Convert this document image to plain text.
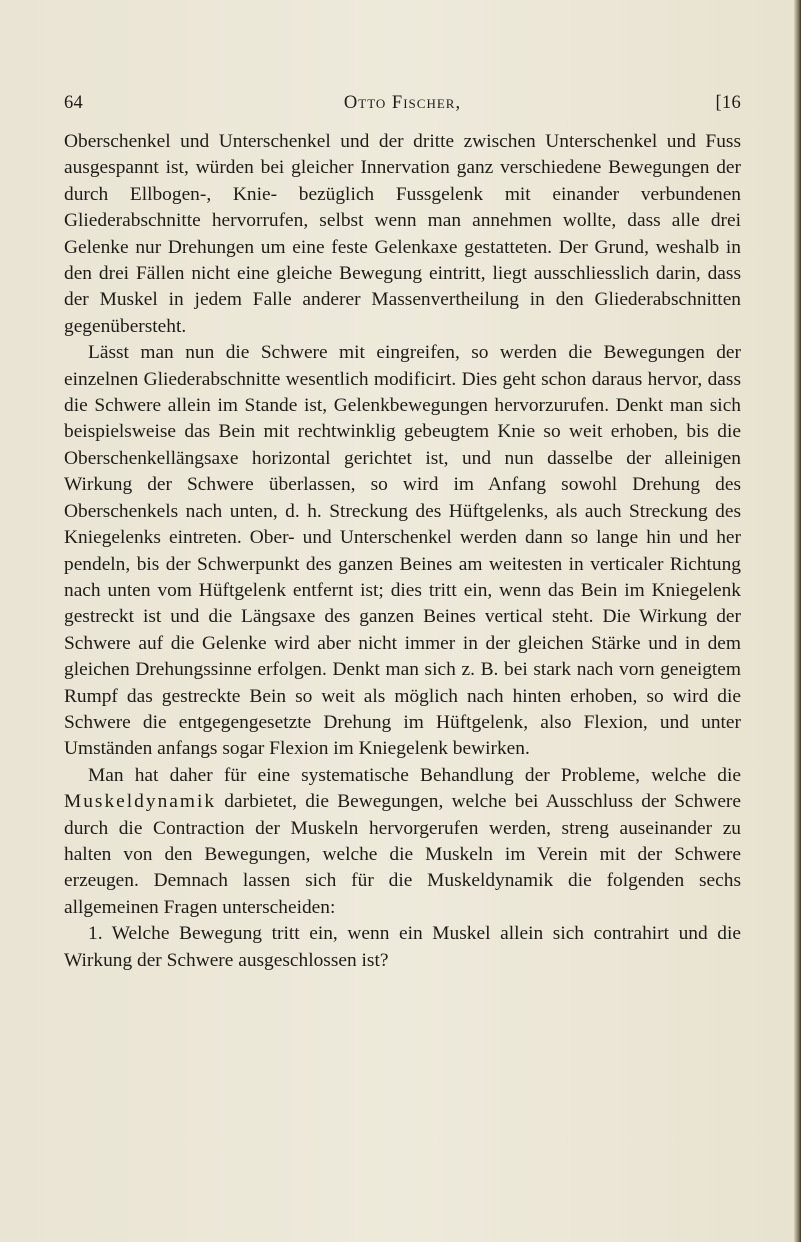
64	Otto Fischer,	[16

Oberschenkel und Unterschenkel und der dritte zwischen Unterschenkel und Fuss ausgespannt ist, würden bei gleicher Innervation ganz verschiedene Bewegungen der durch Ellbogen-, Knie- bezüglich Fussgelenk mit einander verbundenen Gliederabschnitte hervorrufen, selbst wenn man annehmen wollte, dass alle drei Gelenke nur Drehungen um eine feste Gelenkaxe gestatteten. Der Grund, weshalb in den drei Fällen nicht eine gleiche Bewegung eintritt, liegt ausschliesslich darin, dass der Muskel in jedem Falle anderer Massenvertheilung in den Gliederabschnitten gegenübersteht.

Lässt man nun die Schwere mit eingreifen, so werden die Bewegungen der einzelnen Gliederabschnitte wesentlich modificirt. Dies geht schon daraus hervor, dass die Schwere allein im Stande ist, Gelenkbewegungen hervorzurufen. Denkt man sich beispielsweise das Bein mit rechtwinklig gebeugtem Knie so weit erhoben, bis die Oberschenkellängsaxe horizontal gerichtet ist, und nun dasselbe der alleinigen Wirkung der Schwere überlassen, so wird im Anfang sowohl Drehung des Oberschenkels nach unten, d. h. Streckung des Hüftgelenks, als auch Streckung des Kniegelenks eintreten. Ober- und Unterschenkel werden dann so lange hin und her pendeln, bis der Schwerpunkt des ganzen Beines am weitesten in verticaler Richtung nach unten vom Hüftgelenk entfernt ist; dies tritt ein, wenn das Bein im Kniegelenk gestreckt ist und die Längsaxe des ganzen Beines vertical steht. Die Wirkung der Schwere auf die Gelenke wird aber nicht immer in der gleichen Stärke und in dem gleichen Drehungssinne erfolgen. Denkt man sich z. B. bei stark nach vorn geneigtem Rumpf das gestreckte Bein so weit als möglich nach hinten erhoben, so wird die Schwere die entgegengesetzte Drehung im Hüftgelenk, also Flexion, und unter Umständen anfangs sogar Flexion im Kniegelenk bewirken.

Man hat daher für eine systematische Behandlung der Probleme, welche die Muskeldynamik darbietet, die Bewegungen, welche bei Ausschluss der Schwere durch die Contraction der Muskeln hervorgerufen werden, streng auseinander zu halten von den Bewegungen, welche die Muskeln im Verein mit der Schwere erzeugen. Demnach lassen sich für die Muskeldynamik die folgenden sechs allgemeinen Fragen unterscheiden:

1. Welche Bewegung tritt ein, wenn ein Muskel allein sich contrahirt und die Wirkung der Schwere ausgeschlossen ist?
